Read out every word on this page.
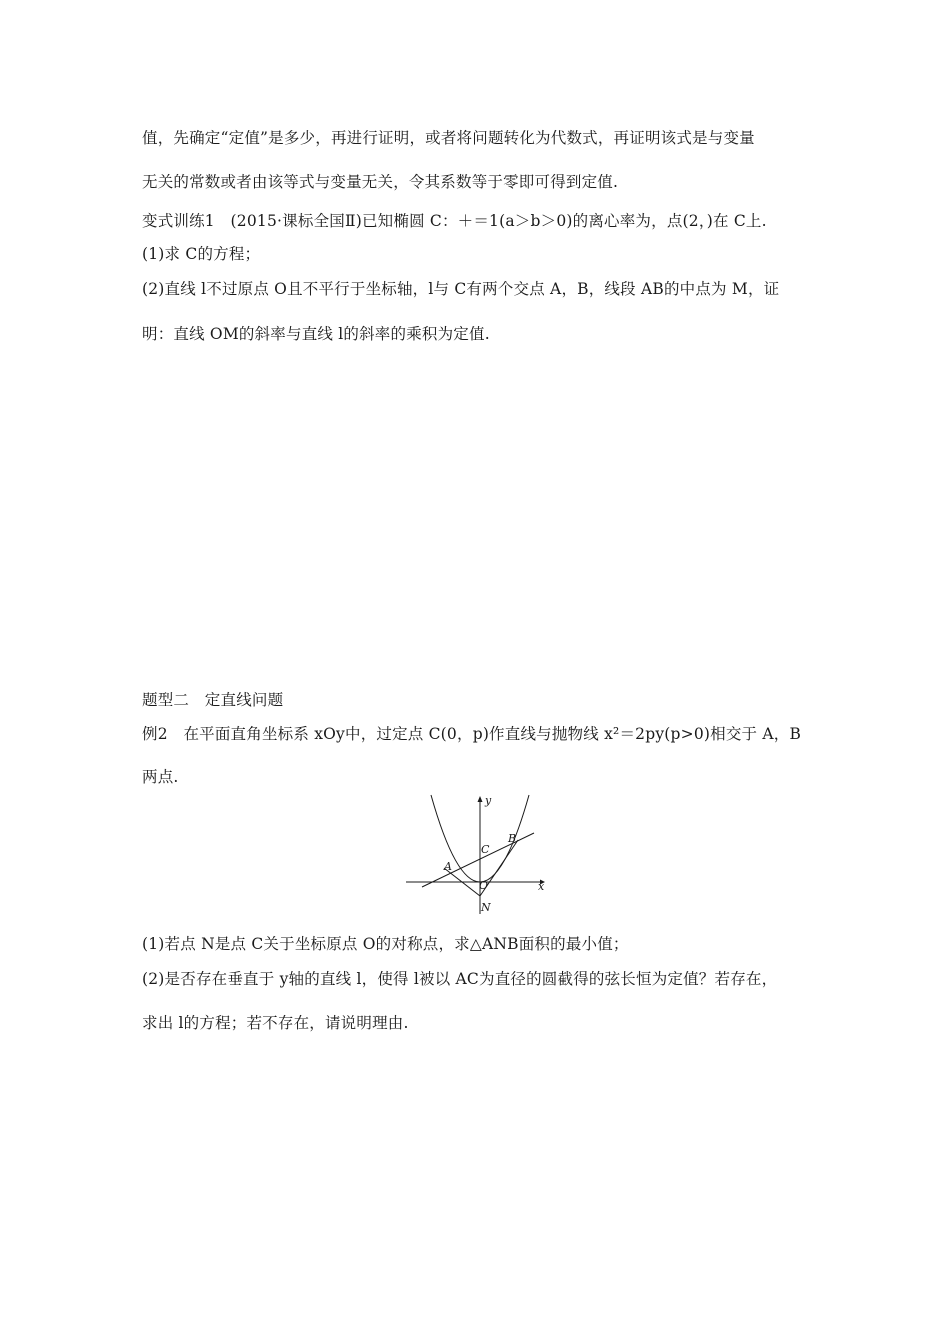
值，先确定“定值”是多少，再进行证明，或者将问题转化为代数式，再证明该式是与变量
无关的常数或者由该等式与变量无关，令其系数等于零即可得到定值.
变式训练1　(2015·课标全国Ⅱ)已知椭圆 C：＋＝1(a＞b＞0)的离心率为，点(2，)在 C上.
(1)求 C的方程；
(2)直线 l不过原点 O且不平行于坐标轴，l与 C有两个交点 A，B，线段 AB的中点为 M，证
明：直线 OM的斜率与直线 l的斜率的乘积为定值.
题型二　定直线问题
例2　在平面直角坐标系 xOy中，过定点 C(0，p)作直线与抛物线 x²＝2py(p>0)相交于 A，B
两点.
y
x
B
C
A
O
N
(1)若点 N是点 C关于坐标原点 O的对称点，求△ANB面积的最小值；
(2)是否存在垂直于 y轴的直线 l，使得 l被以 AC为直径的圆截得的弦长恒为定值？若存在，
求出 l的方程；若不存在，请说明理由.
